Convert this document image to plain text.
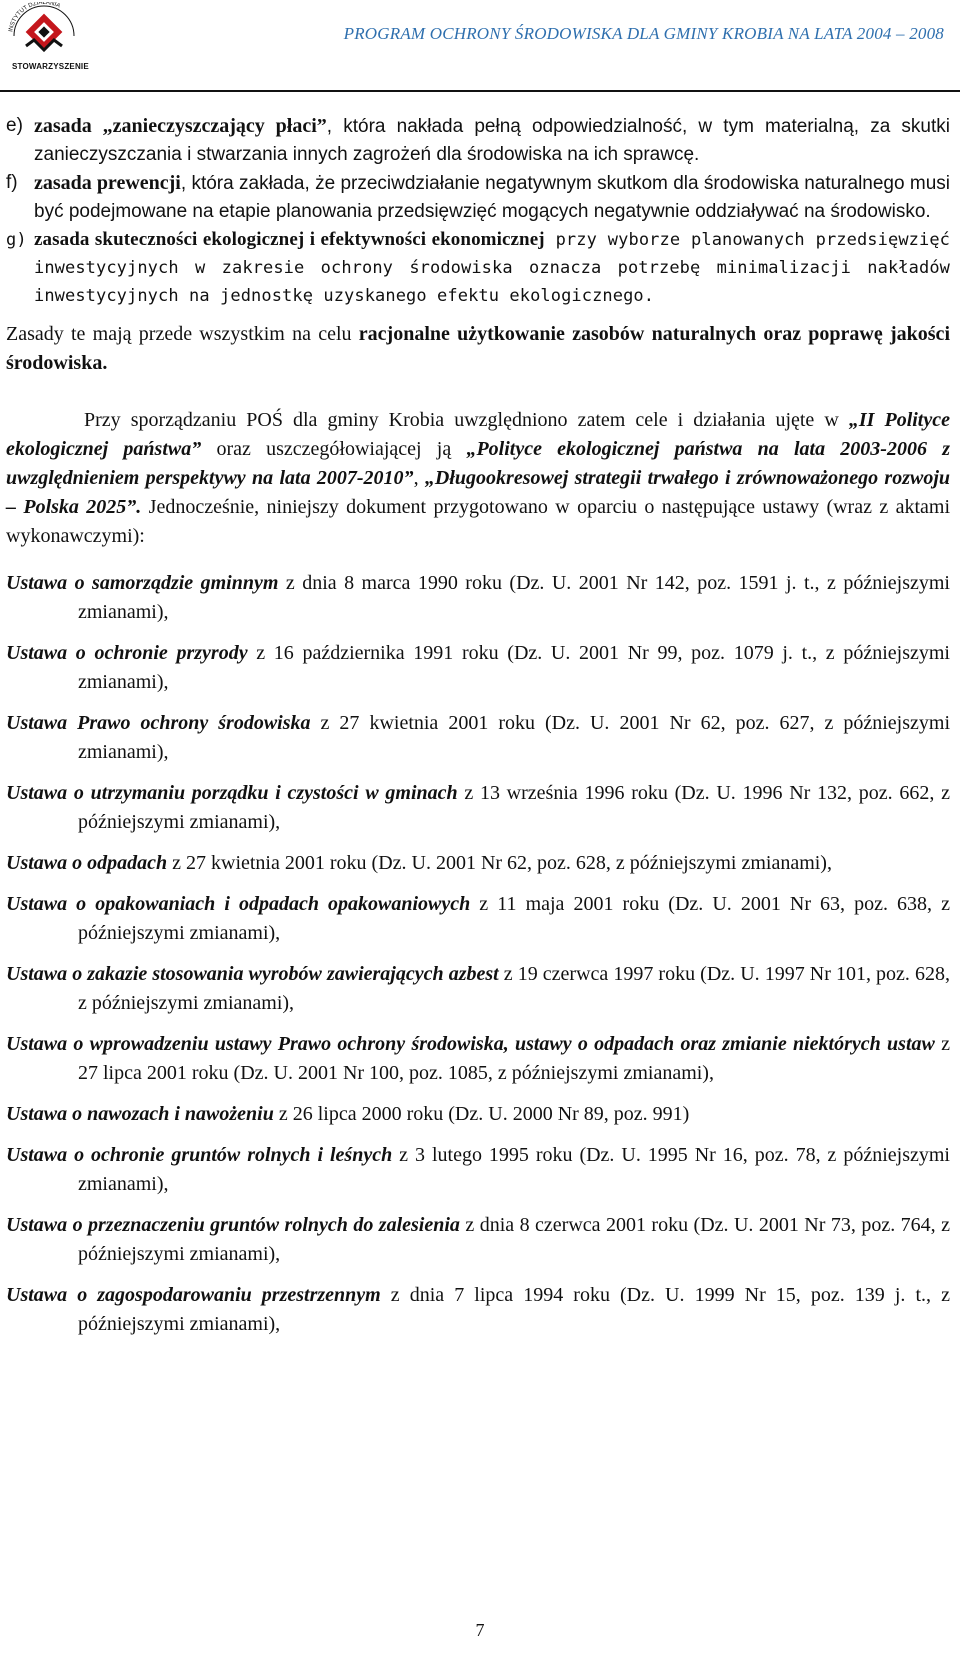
INSTYTUT DZIAŁANIA
STOWARZYSZENIE
PROGRAM OCHRONY ŚRODOWISKA DLA GMINY KROBIA NA LATA 2004 – 2008
e) zasada „zanieczyszczający płaci”, która nakłada pełną odpowiedzialność, w tym materialną, za skutki zanieczyszczania i stwarzania innych zagrożeń dla środowiska na ich sprawcę.
f) zasada prewencji, która zakłada, że przeciwdziałanie negatywnym skutkom dla środowiska naturalnego musi być podejmowane na etapie planowania przedsięwzięć mogących negatywnie oddziaływać na środowisko.
g) zasada skuteczności ekologicznej i efektywności ekonomicznej przy wyborze planowanych przedsięwzięć inwestycyjnych w zakresie ochrony środowiska oznacza potrzebę minimalizacji nakładów inwestycyjnych na jednostkę uzyskanego efektu ekologicznego.
Zasady te mają przede wszystkim na celu racjonalne użytkowanie zasobów naturalnych oraz poprawę jakości środowiska.
Przy sporządzaniu POŚ dla gminy Krobia uwzględniono zatem cele i działania ujęte w „II Polityce ekologicznej państwa” oraz uszczegółowiającej ją „Polityce ekologicznej państwa na lata 2003-2006 z uwzględnieniem perspektywy na lata 2007-2010”, „Długookresowej strategii trwałego i zrównoważonego rozwoju – Polska 2025”. Jednocześnie, niniejszy dokument przygotowano w oparciu o następujące ustawy (wraz z aktami wykonawczymi):
Ustawa o samorządzie gminnym z dnia 8 marca 1990 roku (Dz. U. 2001 Nr 142, poz. 1591 j. t., z późniejszymi zmianami),
Ustawa o ochronie przyrody z 16 października 1991 roku (Dz. U. 2001 Nr 99, poz. 1079 j. t., z późniejszymi zmianami),
Ustawa Prawo ochrony środowiska z 27 kwietnia 2001 roku (Dz. U. 2001 Nr 62, poz. 627, z późniejszymi zmianami),
Ustawa o utrzymaniu porządku i czystości w gminach z 13 września 1996 roku (Dz. U. 1996 Nr 132, poz. 662, z późniejszymi zmianami),
Ustawa o odpadach z 27 kwietnia 2001 roku (Dz. U. 2001 Nr 62, poz. 628, z późniejszymi zmianami),
Ustawa o opakowaniach i odpadach opakowaniowych z 11 maja 2001 roku (Dz. U. 2001 Nr 63, poz. 638, z późniejszymi zmianami),
Ustawa o zakazie stosowania wyrobów zawierających azbest z 19 czerwca 1997 roku (Dz. U. 1997 Nr 101, poz. 628, z późniejszymi zmianami),
Ustawa o wprowadzeniu ustawy Prawo ochrony środowiska, ustawy o odpadach oraz zmianie niektórych ustaw z 27 lipca 2001 roku (Dz. U. 2001 Nr 100, poz. 1085, z późniejszymi zmianami),
Ustawa o nawozach i nawożeniu z 26 lipca 2000 roku (Dz. U. 2000 Nr 89, poz. 991)
Ustawa o ochronie gruntów rolnych i leśnych z 3 lutego 1995 roku (Dz. U. 1995 Nr 16, poz. 78, z późniejszymi zmianami),
Ustawa o przeznaczeniu gruntów rolnych do zalesienia z dnia 8 czerwca 2001 roku (Dz. U. 2001 Nr 73, poz. 764, z późniejszymi zmianami),
Ustawa o zagospodarowaniu przestrzennym z dnia 7 lipca 1994 roku (Dz. U. 1999 Nr 15, poz. 139 j. t., z późniejszymi zmianami),
7
